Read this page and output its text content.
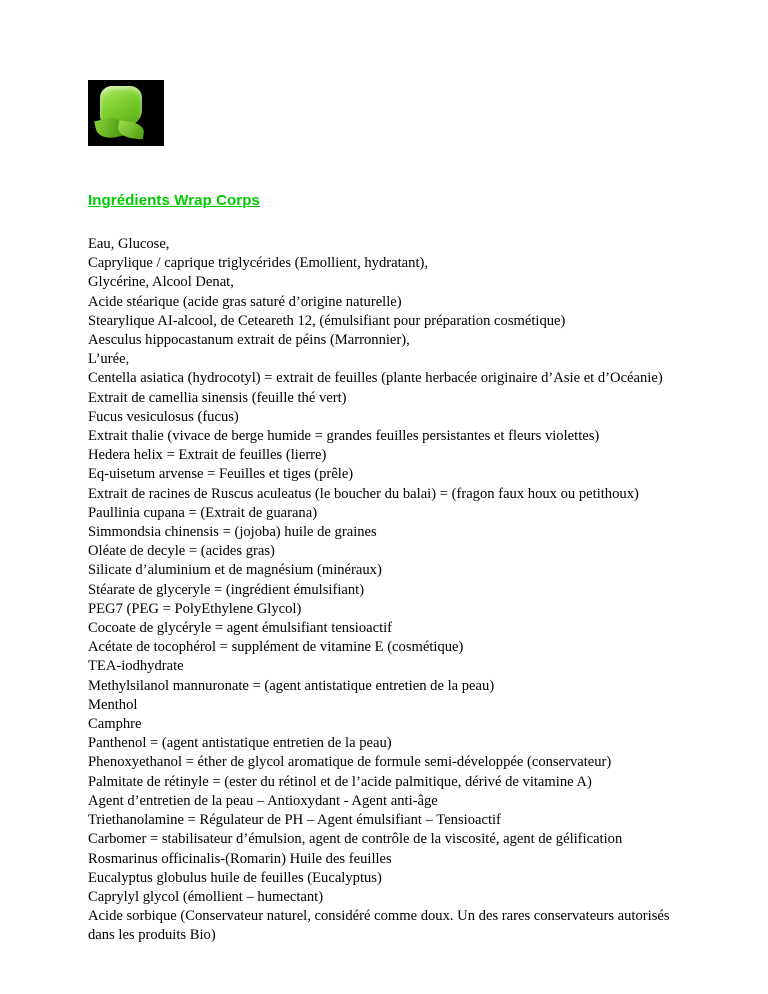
Ingrédients Wrap Corps
Eau, Glucose,
Caprylique / caprique triglycérides (Emollient, hydratant),
Glycérine, Alcool Denat,
Acide stéarique (acide gras saturé d’origine naturelle)
Stearylique AI-alcool, de Ceteareth 12, (émulsifiant pour préparation cosmétique)
Aesculus hippocastanum extrait de péins (Marronnier),
L’urée,
Centella asiatica (hydrocotyl) = extrait de feuilles (plante herbacée originaire d’Asie et d’Océanie)
Extrait de camellia sinensis (feuille thé vert)
Fucus vesiculosus (fucus)
Extrait thalie (vivace de berge humide = grandes feuilles persistantes et fleurs violettes)
Hedera helix = Extrait de feuilles (lierre)
Eq-uisetum arvense = Feuilles et tiges (prêle)
Extrait de racines de Ruscus aculeatus (le boucher du balai) = (fragon faux houx ou petithoux)
Paullinia cupana = (Extrait de guarana)
Simmondsia chinensis = (jojoba) huile de graines
Oléate de decyle = (acides gras)
Silicate d’aluminium et de magnésium (minéraux)
Stéarate de glyceryle = (ingrédient émulsifiant)
PEG7 (PEG = PolyEthylene Glycol)
Cocoate de glycéryle = agent émulsifiant tensioactif
Acétate de tocophérol = supplément de vitamine E (cosmétique)
TEA-iodhydrate
Methylsilanol mannuronate = (agent antistatique entretien de la peau)
Menthol
Camphre
Panthenol = (agent antistatique entretien de la peau)
Phenoxyethanol = éther de glycol aromatique de formule semi-développée (conservateur)
Palmitate de rétinyle = (ester du rétinol et de l’acide palmitique, dérivé de vitamine A)
Agent d’entretien de la peau – Antioxydant - Agent anti-âge
Triethanolamine = Régulateur de PH – Agent émulsifiant – Tensioactif
Carbomer = stabilisateur d’émulsion, agent de contrôle de la viscosité, agent de gélification
Rosmarinus officinalis-(Romarin) Huile des feuilles
Eucalyptus globulus huile de feuilles (Eucalyptus)
Caprylyl glycol (émollient – humectant)
Acide sorbique (Conservateur naturel, considéré comme doux. Un des rares conservateurs autorisés dans les produits Bio)
